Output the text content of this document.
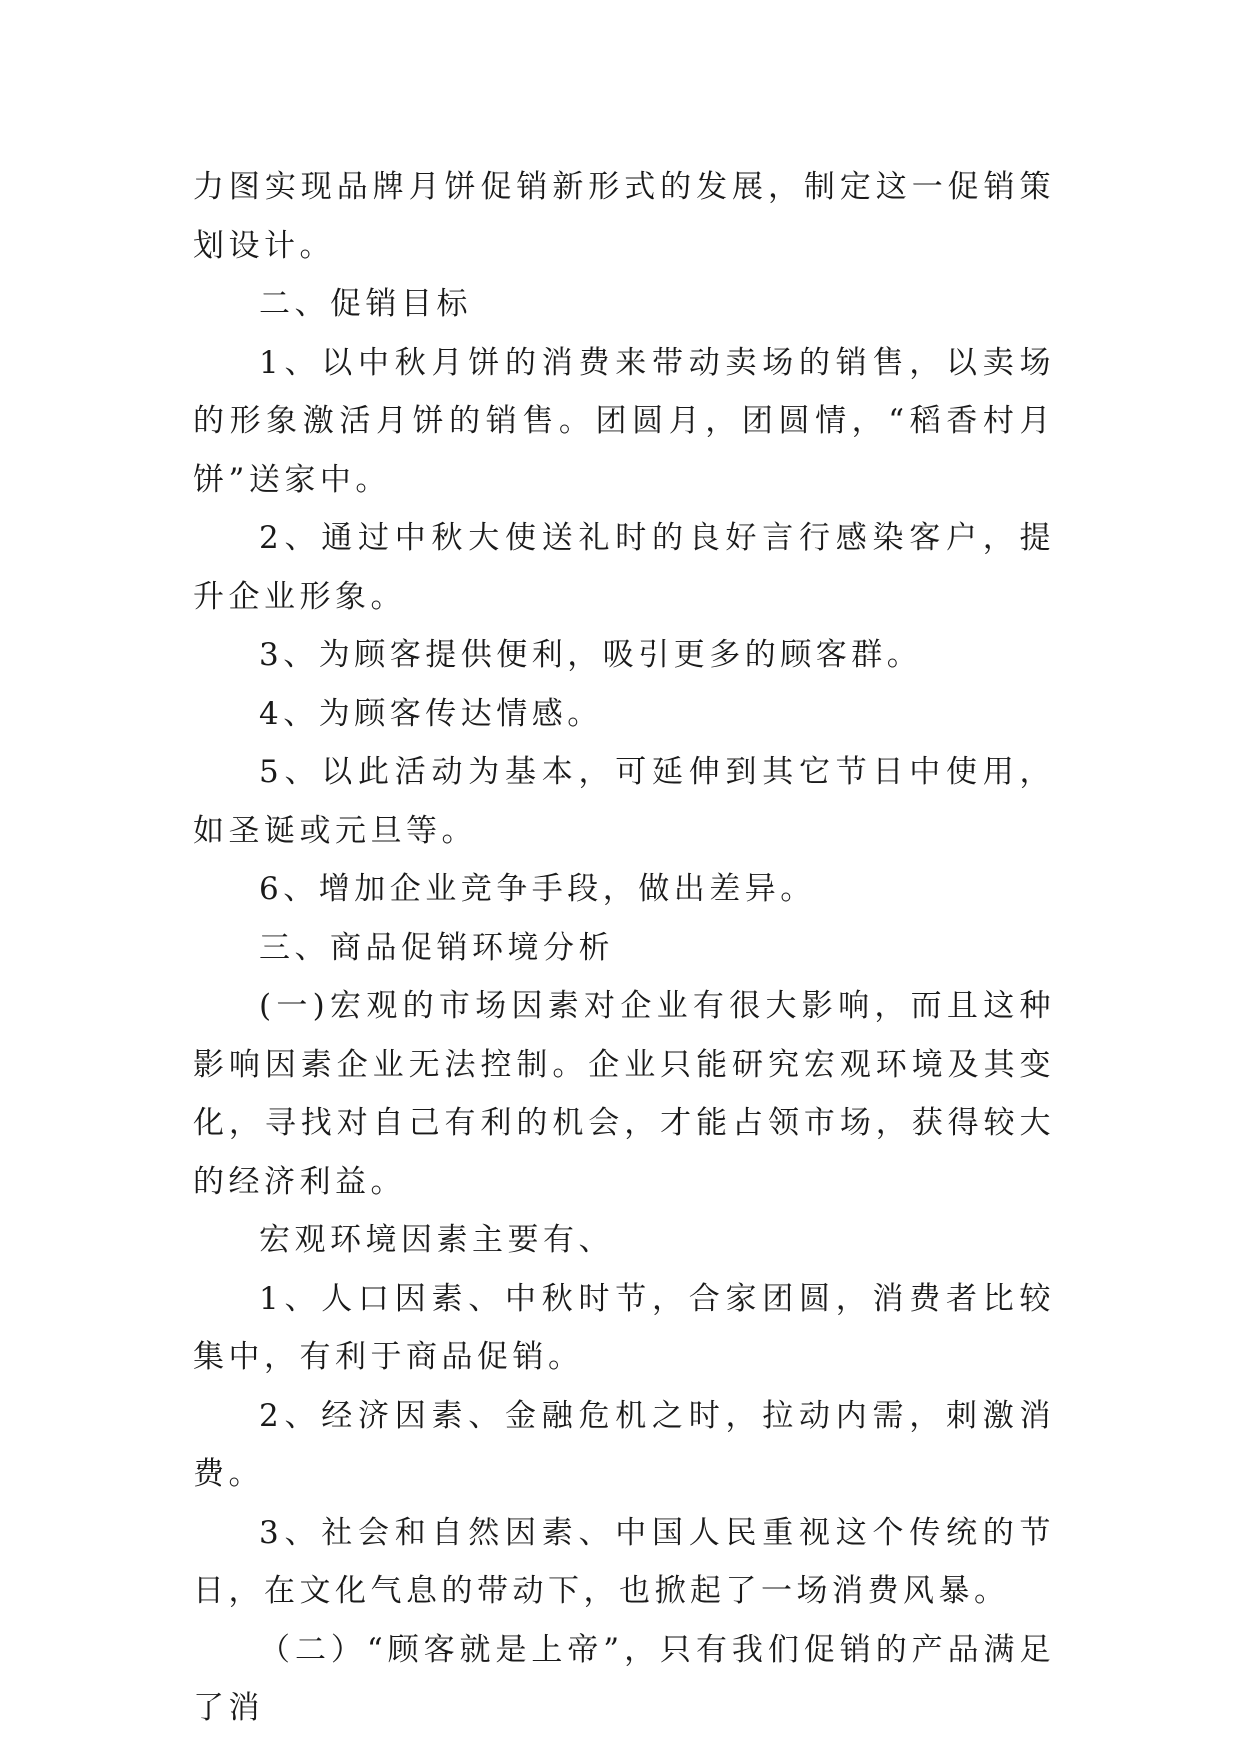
力图实现品牌月饼促销新形式的发展，制定这一促销策划设计。

二、促销目标

1、以中秋月饼的消费来带动卖场的销售，以卖场的形象激活月饼的销售。团圆月，团圆情，“稻香村月饼”送家中。

2、通过中秋大使送礼时的良好言行感染客户，提升企业形象。

3、为顾客提供便利，吸引更多的顾客群。

4、为顾客传达情感。

5、以此活动为基本，可延伸到其它节日中使用，如圣诞或元旦等。

6、增加企业竞争手段，做出差异。

三、商品促销环境分析

(一)宏观的市场因素对企业有很大影响，而且这种影响因素企业无法控制。企业只能研究宏观环境及其变化，寻找对自己有利的机会，才能占领市场，获得较大的经济利益。

宏观环境因素主要有、

1、人口因素、中秋时节，合家团圆，消费者比较集中，有利于商品促销。

2、经济因素、金融危机之时，拉动内需，刺激消费。

3、社会和自然因素、中国人民重视这个传统的节日，在文化气息的带动下，也掀起了一场消费风暴。

（二）“顾客就是上帝”，只有我们促销的产品满足了消
